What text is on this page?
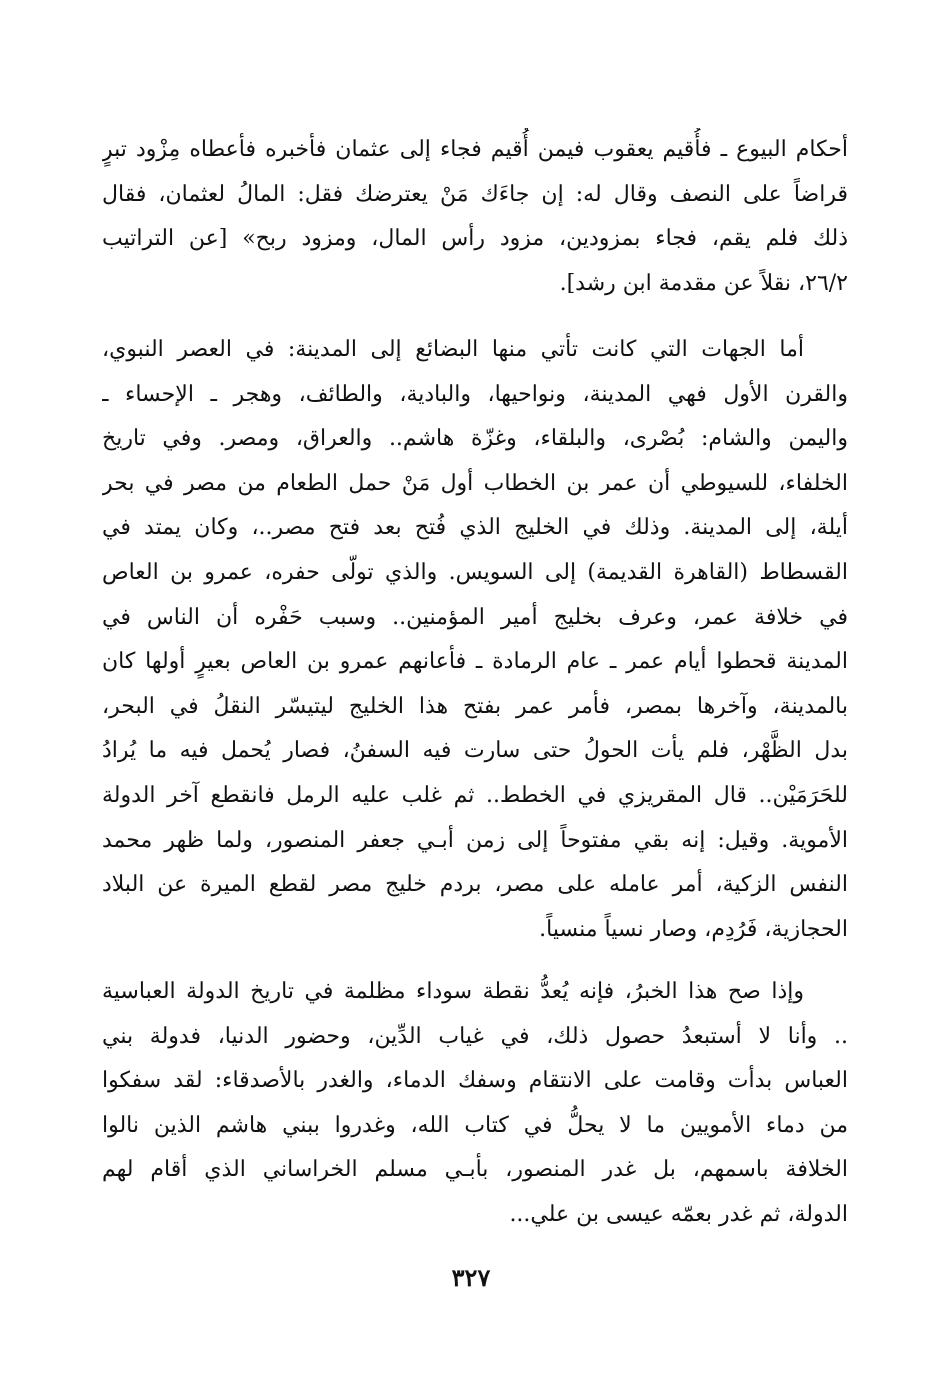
أحكام البيوع ـ فأُقيم يعقوب فيمن أُقيم فجاء إلى عثمان فأخبره فأعطاه مِزْود تبرٍ
قراضاً على النصف وقال له: إن جاءَك مَنْ يعترضك فقل: المالُ لعثمان، فقال
ذلك فلم يقم، فجاء بمزودين، مزود رأس المال، ومزود ربح» [عن التراتيب
٢٦/٢، نقلاً عن مقدمة ابن رشد].
أما الجهات التي كانت تأتي منها البضائع إلى المدينة: في العصر النبوي،
والقرن الأول فهي المدينة، ونواحيها، والبادية، والطائف، وهجر ـ الإحساء ـ
واليمن والشام: بُصْرى، والبلقاء، وغزّة هاشم.. والعراق، ومصر. وفي تاريخ
الخلفاء، للسيوطي أن عمر بن الخطاب أول مَنْ حمل الطعام من مصر في بحر
أيلة، إلى المدينة. وذلك في الخليج الذي فُتح بعد فتح مصر..، وكان يمتد في
القسطاط (القاهرة القديمة) إلى السويس. والذي تولّى حفره، عمرو بن العاص
في خلافة عمر، وعرف بخليج أمير المؤمنين.. وسبب حَفْره أن الناس في
المدينة قحطوا أيام عمر ـ عام الرمادة ـ فأعانهم عمرو بن العاص بعيرٍ أولها كان
بالمدينة، وآخرها بمصر، فأمر عمر بفتح هذا الخليج ليتيسّر النقلُ في البحر،
بدل الظَّهْر، فلم يأت الحولُ حتى سارت فيه السفنُ، فصار يُحمل فيه ما يُرادُ
للحَرَمَيْن.. قال المقريزي في الخطط.. ثم غلب عليه الرمل فانقطع آخر الدولة
الأموية. وقيل: إنه بقي مفتوحاً إلى زمن أبـي جعفر المنصور، ولما ظهر محمد
النفس الزكية، أمر عامله على مصر، بردم خليج مصر لقطع الميرة عن البلاد
الحجازية، فَرُدِم، وصار نسياً منسياً.
وإذا صح هذا الخبرُ، فإنه يُعدُّ نقطة سوداء مظلمة في تاريخ الدولة العباسية
.. وأنا لا أستبعدُ حصول ذلك، في غياب الدِّين، وحضور الدنيا، فدولة بني
العباس بدأت وقامت على الانتقام وسفك الدماء، والغدر بالأصدقاء: لقد سفكوا
من دماء الأمويين ما لا يحلُّ في كتاب الله، وغدروا ببني هاشم الذين نالوا
الخلافة باسمهم، بل غدر المنصور، بأبـي مسلم الخراساني الذي أقام لهم
الدولة، ثم غدر بعمّه عيسى بن علي...
٣٢٧
